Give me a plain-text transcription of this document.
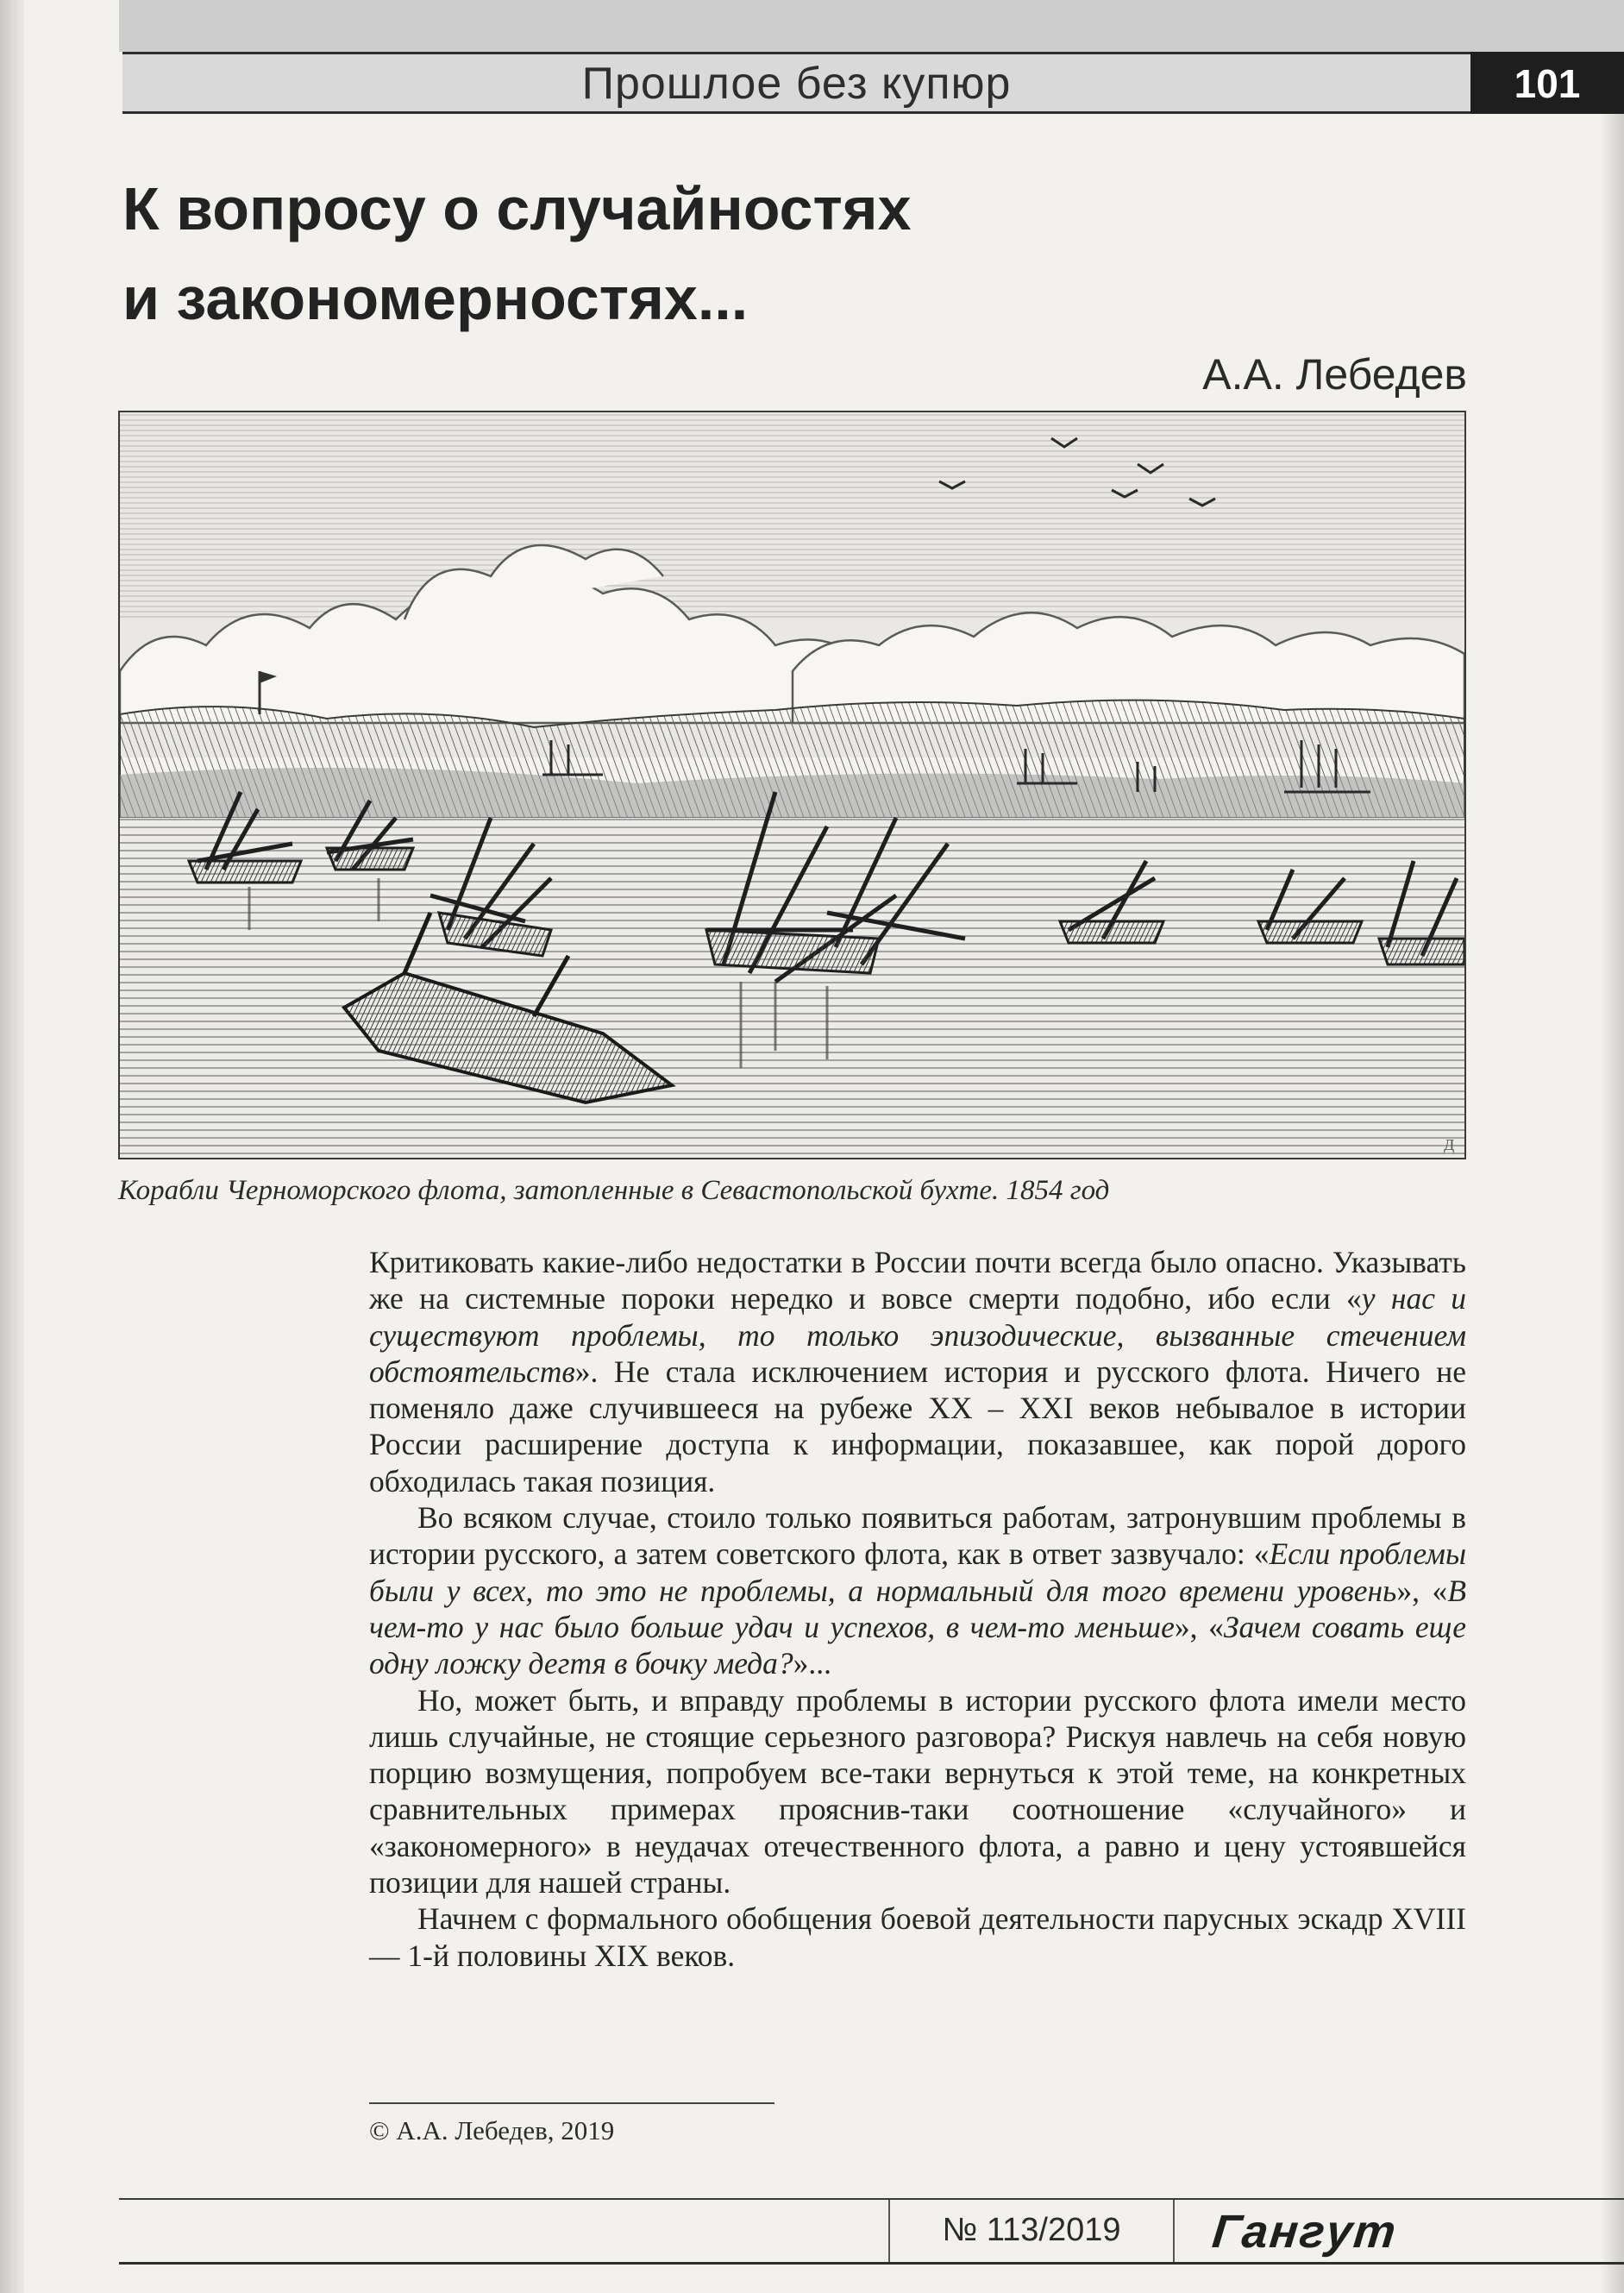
Прошлое без купюр	101
К вопросу о случайностях
и закономерностях...
А.А. Лебедев
Д
Корабли Черноморского флота, затопленные в Севастопольской бухте. 1854 год

Критиковать какие-либо недостатки в России почти всегда было опасно. Указывать же на системные пороки нередко и вовсе смерти подобно, ибо если «у нас и существуют проблемы, то только эпизодические, вызванные стечением обстоятельств». Не стала исключением история и русского флота. Ничего не поменяло даже случившееся на рубеже XX – XXI веков небывалое в истории России расширение доступа к информации, показавшее, как порой дорого обходилась такая позиция.

Во всяком случае, стоило только появиться работам, затронувшим проблемы в истории русского, а затем советского флота, как в ответ зазвучало: «Если проблемы были у всех, то это не проблемы, а нормальный для того времени уровень», «В чем-то у нас было больше удач и успехов, в чем-то меньше», «Зачем совать еще одну ложку дегтя в бочку меда?»...

Но, может быть, и вправду проблемы в истории русского флота имели место лишь случайные, не стоящие серьезного разговора? Рискуя навлечь на себя новую порцию возмущения, попробуем все-таки вернуться к этой теме, на конкретных сравнительных примерах прояснив-таки соотношение «случайного» и «закономерного» в неудачах отечественного флота, а равно и цену устоявшейся позиции для нашей страны.

Начнем с формального обобщения боевой деятельности парусных эскадр XVIII — 1-й половины XIX веков.

© А.А. Лебедев, 2019
№ 113/2019	Гангут
